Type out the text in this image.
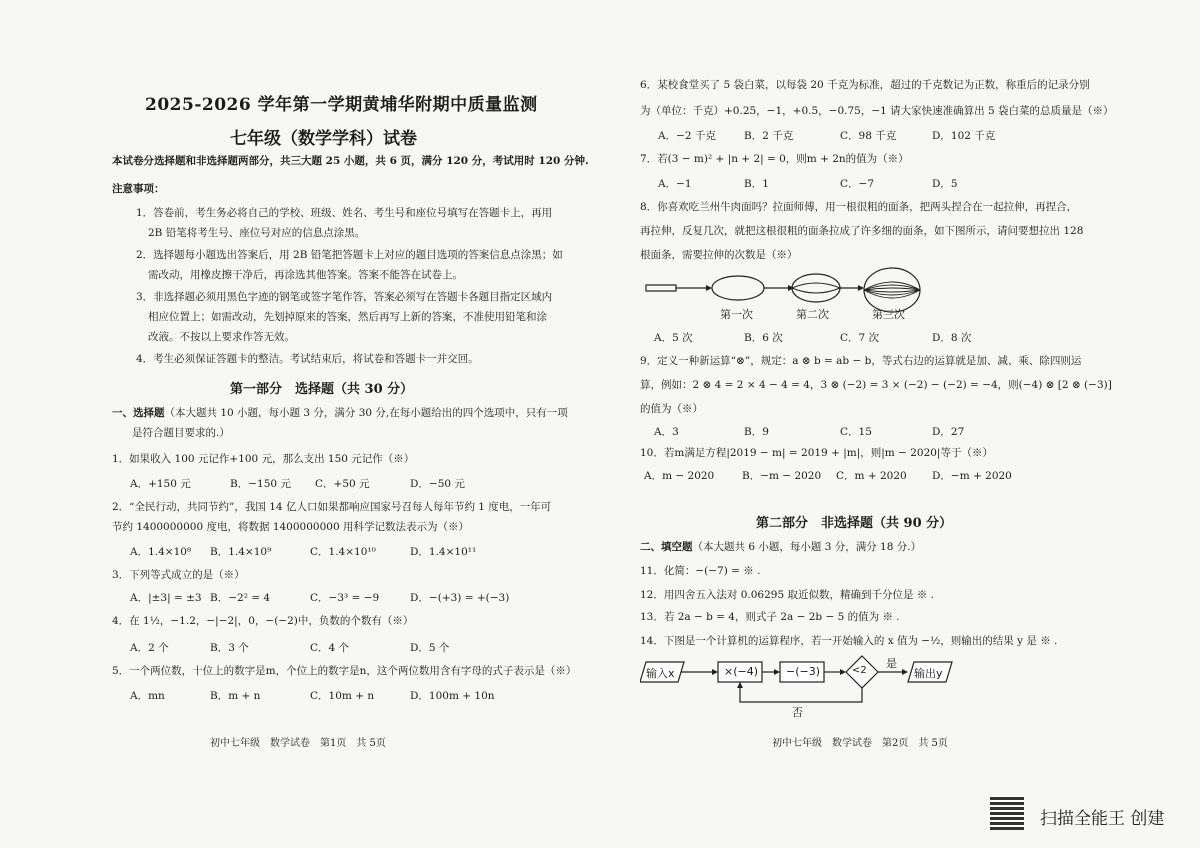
2025-2026 学年第一学期黄埔华附期中质量监测
七年级（数学学科）试卷
本试卷分选择题和非选择题两部分，共三大题 25 小题，共 6 页，满分 120 分，考试用时 120 分钟.
注意事项：
1．答卷前，考生务必将自己的学校、班级、姓名、考生号和座位号填写在答题卡上，再用
2B 铅笔将考生号、座位号对应的信息点涂黑。
2．选择题每小题选出答案后，用 2B 铅笔把答题卡上对应的题目选项的答案信息点涂黑；如
需改动，用橡皮擦干净后，再涂选其他答案。答案不能答在试卷上。
3．非选择题必须用黑色字迹的钢笔或签字笔作答，答案必须写在答题卡各题目指定区域内
相应位置上；如需改动，先划掉原来的答案，然后再写上新的答案，不准使用铅笔和涂
改液。不按以上要求作答无效。
4．考生必须保证答题卡的整洁。考试结束后，将试卷和答题卡一并交回。
第一部分　选择题（共 30 分）
一、选择题（本大题共 10 小题，每小题 3 分，满分 30 分,在每小题给出的四个选项中，只有一项
是符合题目要求的.）
1．如果收入 100 元记作+100 元，那么支出 150 元记作（※）
A．+150 元	B．−150 元 C．+50 元	D．−50 元
2．“全民行动，共同节约”，我国 14 亿人口如果都响应国家号召每人每年节约 1 度电，一年可
节约 1400000000 度电，将数据 1400000000 用科学记数法表示为（※）
A．1.4×10⁸ B．1.4×10⁹	C．1.4×10¹⁰	D．1.4×10¹¹
3．下列等式成立的是（※）
A．|±3| = ±3 B．−2² = 4	C．−3³ = −9	D．−(+3) = +(−3)
4．在 1½，−1.2，−|−2|，0，−(−2)中，负数的个数有（※）
A．2 个	B．3 个	C．4 个	D．5 个
5．一个两位数，十位上的数字是m，个位上的数字是n，这个两位数用含有字母的式子表示是（※）
A．mn	B．m + n	C．10m + n	D．100m + 10n
初中七年级　数学试卷　第1页　共 5页
6．某校食堂买了 5 袋白菜，以每袋 20 千克为标准，超过的千克数记为正数，称重后的记录分别
为（单位：千克）+0.25，−1，+0.5，−0.75，−1 请大家快速准确算出 5 袋白菜的总质量是（※）
A．−2 千克	B．2 千克	C．98 千克	D．102 千克
7．若(3 − m)² + |n + 2| = 0，则m + 2n的值为（※）
A．−1	B．1	C．−7	D．5
8．你喜欢吃兰州牛肉面吗？拉面师傅，用一根很粗的面条，把两头捏合在一起拉伸，再捏合，
再拉伸，反复几次，就把这根很粗的面条拉成了许多细的面条，如下图所示，请问要想拉出 128
根面条，需要拉伸的次数是（※）
第一次	第二次	第三次
A．5 次	B．6 次	C．7 次	D．8 次
9．定义一种新运算“⊗”，规定：a ⊗ b = ab − b，等式右边的运算就是加、减、乘、除四则运
算，例如：2 ⊗ 4 = 2 × 4 − 4 = 4，3 ⊗ (−2) = 3 × (−2) − (−2) = −4，则(−4) ⊗ [2 ⊗ (−3)]
的值为（※）
A．3	B．9	C．15	D．27
10．若m满足方程|2019 − m| = 2019 + |m|，则|m − 2020|等于（※）
A．m − 2020	B．−m − 2020 C．m + 2020 D．−m + 2020
第二部分　非选择题（共 90 分）
二、填空题（本大题共 6 小题，每小题 3 分，满分 18 分.）
11．化简：−(−7) = ※ .
12．用四舍五入法对 0.06295 取近似数，精确到千分位是 ※ .
13．若 2a − b = 4，则式子 2a − 2b − 5 的值为 ※ .
14．下图是一个计算机的运算程序，若一开始输入的 x 值为 −½，则输出的结果 y 是 ※ .
输入x	×(−4)	−(−3)	<2
是
输出y
否
初中七年级　数学试卷　第2页　共 5页
扫描全能王 创建
